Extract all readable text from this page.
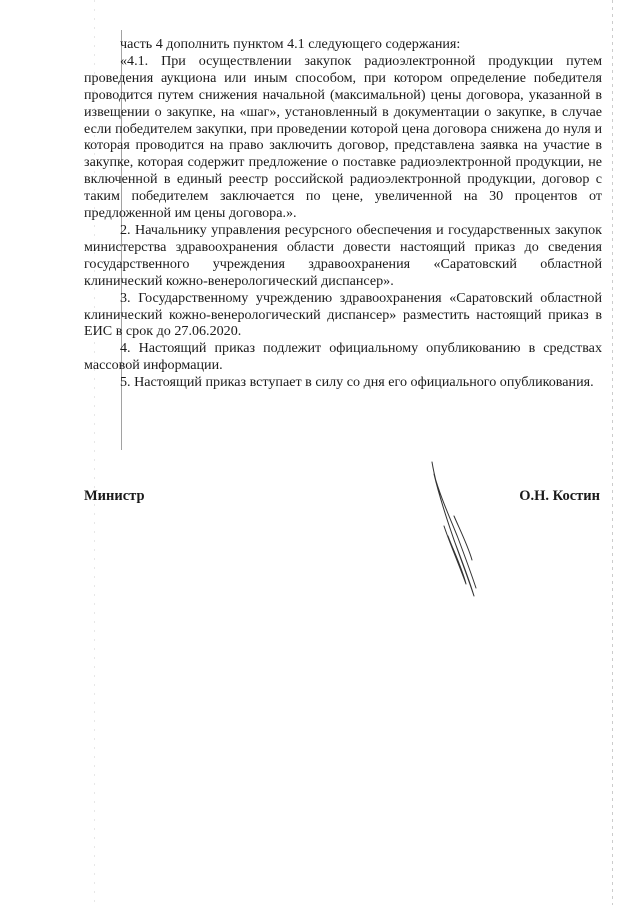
часть 4 дополнить пунктом 4.1 следующего содержания:

«4.1. При осуществлении закупок радиоэлектронной продукции путем проведения аукциона или иным способом, при котором определение победителя проводится путем снижения начальной (максимальной) цены договора, указанной в извещении о закупке, на «шаг», установленный в документации о закупке, в случае если победителем закупки, при проведении которой цена договора снижена до нуля и которая проводится на право заключить договор, представлена заявка на участие в закупке, которая содержит предложение о поставке радиоэлектронной продукции, не включенной в единый реестр российской радиоэлектронной продукции, договор с таким победителем заключается по цене, увеличенной на 30 процентов от предложенной им цены договора.».

2. Начальнику управления ресурсного обеспечения и государственных закупок министерства здравоохранения области довести настоящий приказ до сведения государственного учреждения здравоохранения «Саратовский областной клинический кожно-венерологический диспансер».

3. Государственному учреждению здравоохранения «Саратовский областной клинический кожно-венерологический диспансер» разместить настоящий приказ в ЕИС в срок до 27.06.2020.

4. Настоящий приказ подлежит официальному опубликованию в средствах массовой информации.

5. Настоящий приказ вступает в силу со дня его официального опубликования.

Министр	О.Н. Костин
